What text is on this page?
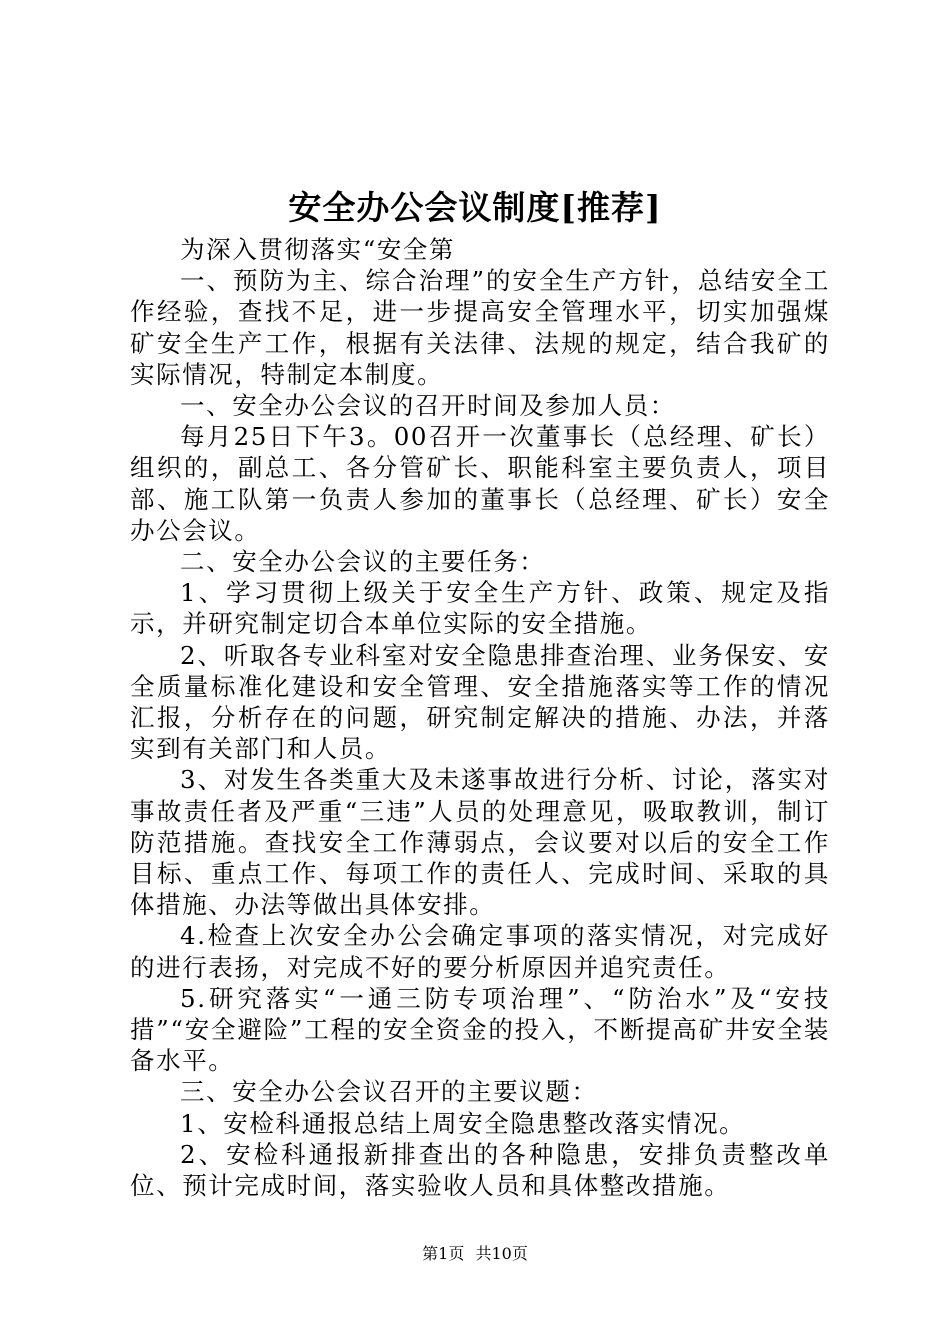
安全办公会议制度[推荐]

为深入贯彻落实“安全第

一、预防为主、综合治理”的安全生产方针，总结安全工作经验，查找不足，进一步提高安全管理水平，切实加强煤矿安全生产工作，根据有关法律、法规的规定，结合我矿的实际情况，特制定本制度。

一、安全办公会议的召开时间及参加人员：

每月25日下午3。00召开一次董事长（总经理、矿长）组织的，副总工、各分管矿长、职能科室主要负责人，项目部、施工队第一负责人参加的董事长（总经理、矿长）安全办公会议。

二、安全办公会议的主要任务：

1、学习贯彻上级关于安全生产方针、政策、规定及指示，并研究制定切合本单位实际的安全措施。

2、听取各专业科室对安全隐患排查治理、业务保安、安全质量标准化建设和安全管理、安全措施落实等工作的情况汇报，分析存在的问题，研究制定解决的措施、办法，并落实到有关部门和人员。

3、对发生各类重大及未遂事故进行分析、讨论，落实对事故责任者及严重“三违”人员的处理意见，吸取教训，制订防范措施。查找安全工作薄弱点，会议要对以后的安全工作目标、重点工作、每项工作的责任人、完成时间、采取的具体措施、办法等做出具体安排。

4.检查上次安全办公会确定事项的落实情况，对完成好的进行表扬，对完成不好的要分析原因并追究责任。

5.研究落实“一通三防专项治理”、“防治水”及“安技措”“安全避险”工程的安全资金的投入，不断提高矿井安全装备水平。

三、安全办公会议召开的主要议题：

1、安检科通报总结上周安全隐患整改落实情况。

2、安检科通报新排查出的各种隐患，安排负责整改单位、预计完成时间，落实验收人员和具体整改措施。

第1页 共10页
